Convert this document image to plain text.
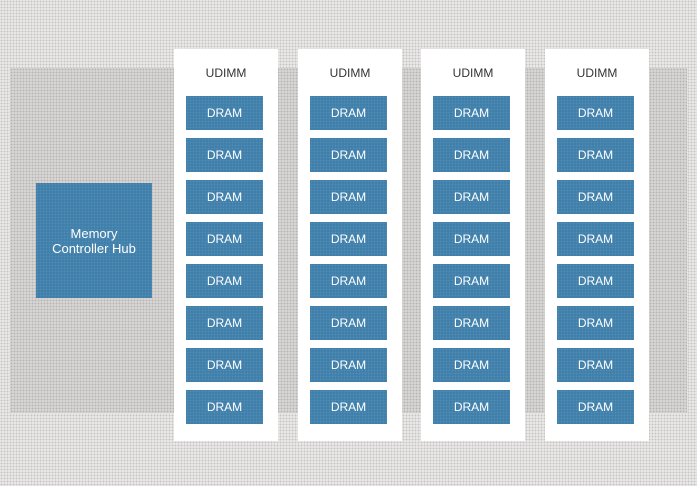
Memory Controller Hub
UDIMM
DRAM
DRAM
DRAM
DRAM
DRAM
DRAM
DRAM
DRAM
UDIMM
DRAM
DRAM
DRAM
DRAM
DRAM
DRAM
DRAM
DRAM
UDIMM
DRAM
DRAM
DRAM
DRAM
DRAM
DRAM
DRAM
DRAM
UDIMM
DRAM
DRAM
DRAM
DRAM
DRAM
DRAM
DRAM
DRAM
